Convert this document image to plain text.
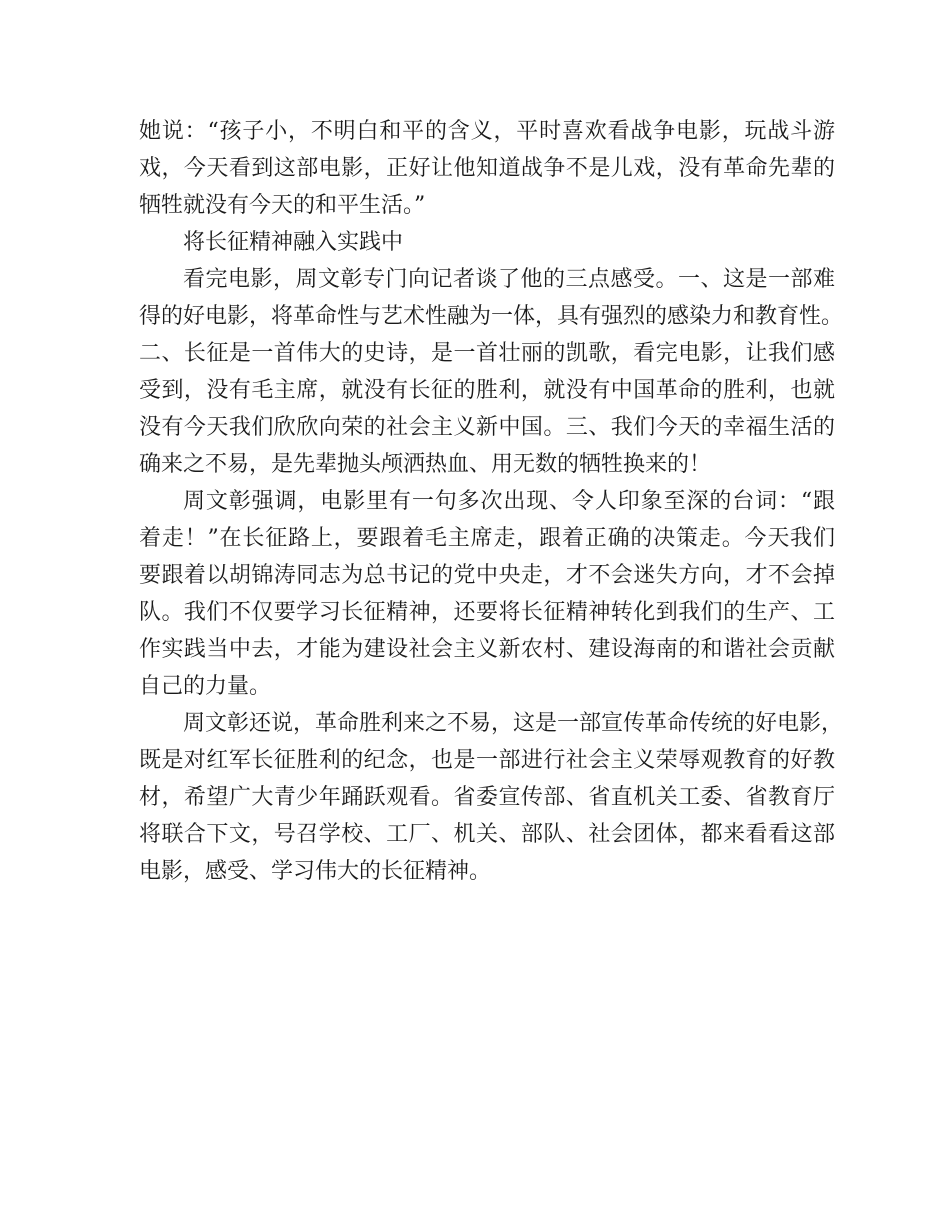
她说：“孩子小，不明白和平的含义，平时喜欢看战争电影，玩战斗游
戏，今天看到这部电影，正好让他知道战争不是儿戏，没有革命先辈的
牺牲就没有今天的和平生活。”
将长征精神融入实践中
看完电影，周文彰专门向记者谈了他的三点感受。一、这是一部难
得的好电影，将革命性与艺术性融为一体，具有强烈的感染力和教育性。
二、长征是一首伟大的史诗，是一首壮丽的凯歌，看完电影，让我们感
受到，没有毛主席，就没有长征的胜利，就没有中国革命的胜利，也就
没有今天我们欣欣向荣的社会主义新中国。三、我们今天的幸福生活的
确来之不易，是先辈抛头颅洒热血、用无数的牺牲换来的！
周文彰强调，电影里有一句多次出现、令人印象至深的台词：“跟
着走！”在长征路上，要跟着毛主席走，跟着正确的决策走。今天我们
要跟着以胡锦涛同志为总书记的党中央走，才不会迷失方向，才不会掉
队。我们不仅要学习长征精神，还要将长征精神转化到我们的生产、工
作实践当中去，才能为建设社会主义新农村、建设海南的和谐社会贡献
自己的力量。
周文彰还说，革命胜利来之不易，这是一部宣传革命传统的好电影，
既是对红军长征胜利的纪念，也是一部进行社会主义荣辱观教育的好教
材，希望广大青少年踊跃观看。省委宣传部、省直机关工委、省教育厅
将联合下文，号召学校、工厂、机关、部队、社会团体，都来看看这部
电影，感受、学习伟大的长征精神。
